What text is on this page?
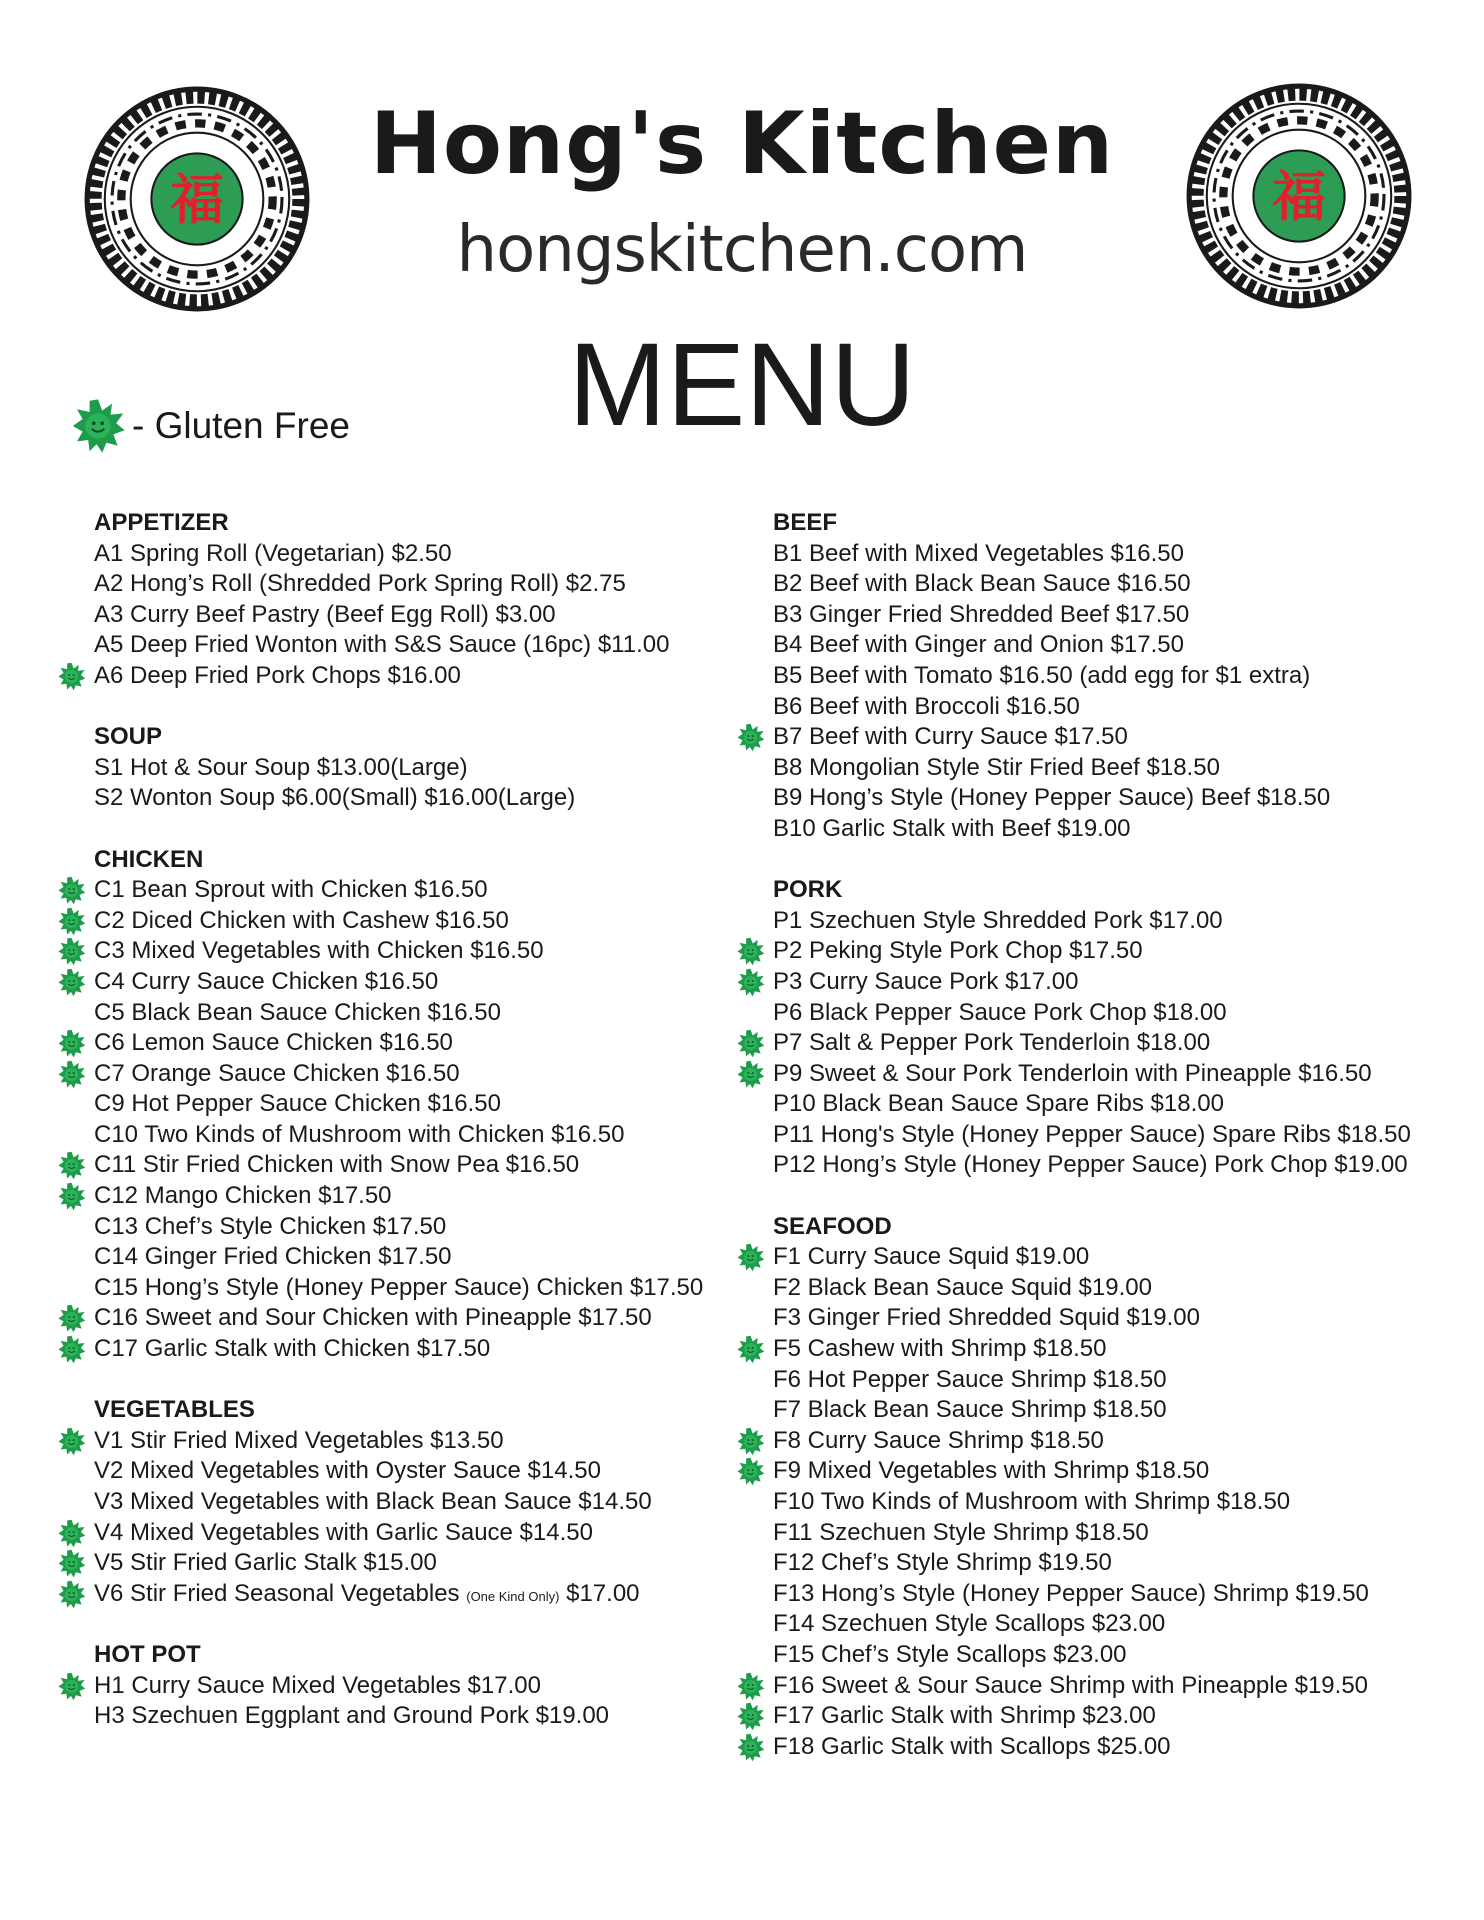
福	福
Hong's Kitchen
hongskitchen.com
MENU
- Gluten Free
APPETIZER
A1 Spring Roll (Vegetarian) $2.50
A2 Hong’s Roll (Shredded Pork Spring Roll) $2.75
A3 Curry Beef Pastry (Beef Egg Roll) $3.00
A5 Deep Fried Wonton with S&S Sauce (16pc) $11.00
A6 Deep Fried Pork Chops $16.00
SOUP
S1 Hot & Sour Soup $13.00(Large)
S2 Wonton Soup $6.00(Small) $16.00(Large)
CHICKEN
C1 Bean Sprout with Chicken $16.50
C2 Diced Chicken with Cashew $16.50
C3 Mixed Vegetables with Chicken $16.50
C4 Curry Sauce Chicken $16.50
C5 Black Bean Sauce Chicken $16.50
C6 Lemon Sauce Chicken $16.50
C7 Orange Sauce Chicken $16.50
C9 Hot Pepper Sauce Chicken $16.50
C10 Two Kinds of Mushroom with Chicken $16.50
C11 Stir Fried Chicken with Snow Pea $16.50
C12 Mango Chicken $17.50
C13 Chef’s Style Chicken $17.50
C14 Ginger Fried Chicken $17.50
C15 Hong’s Style (Honey Pepper Sauce) Chicken $17.50
C16 Sweet and Sour Chicken with Pineapple $17.50
C17 Garlic Stalk with Chicken $17.50
VEGETABLES
V1 Stir Fried Mixed Vegetables $13.50
V2 Mixed Vegetables with Oyster Sauce $14.50
V3 Mixed Vegetables with Black Bean Sauce $14.50
V4 Mixed Vegetables with Garlic Sauce $14.50
V5 Stir Fried Garlic Stalk $15.00
V6 Stir Fried Seasonal Vegetables (One Kind Only) $17.00
HOT POT
H1 Curry Sauce Mixed Vegetables $17.00
H3 Szechuen Eggplant and Ground Pork $19.00
BEEF
B1 Beef with Mixed Vegetables $16.50
B2 Beef with Black Bean Sauce $16.50
B3 Ginger Fried Shredded Beef $17.50
B4 Beef with Ginger and Onion $17.50
B5 Beef with Tomato $16.50 (add egg for $1 extra)
B6 Beef with Broccoli $16.50
B7 Beef with Curry Sauce $17.50
B8 Mongolian Style Stir Fried Beef $18.50
B9 Hong’s Style (Honey Pepper Sauce) Beef $18.50
B10 Garlic Stalk with Beef $19.00
PORK
P1 Szechuen Style Shredded Pork $17.00
P2 Peking Style Pork Chop $17.50
P3 Curry Sauce Pork $17.00
P6 Black Pepper Sauce Pork Chop $18.00
P7 Salt & Pepper Pork Tenderloin $18.00
P9 Sweet & Sour Pork Tenderloin with Pineapple $16.50
P10 Black Bean Sauce Spare Ribs $18.00
P11 Hong's Style (Honey Pepper Sauce) Spare Ribs $18.50
P12 Hong’s Style (Honey Pepper Sauce) Pork Chop $19.00
SEAFOOD
F1 Curry Sauce Squid $19.00
F2 Black Bean Sauce Squid $19.00
F3 Ginger Fried Shredded Squid $19.00
F5 Cashew with Shrimp $18.50
F6 Hot Pepper Sauce Shrimp $18.50
F7 Black Bean Sauce Shrimp $18.50
F8 Curry Sauce Shrimp $18.50
F9 Mixed Vegetables with Shrimp $18.50
F10 Two Kinds of Mushroom with Shrimp $18.50
F11 Szechuen Style Shrimp $18.50
F12 Chef’s Style Shrimp $19.50
F13 Hong’s Style (Honey Pepper Sauce) Shrimp $19.50
F14 Szechuen Style Scallops $23.00
F15 Chef’s Style Scallops $23.00
F16 Sweet & Sour Sauce Shrimp with Pineapple $19.50
F17 Garlic Stalk with Shrimp $23.00
F18 Garlic Stalk with Scallops $25.00
